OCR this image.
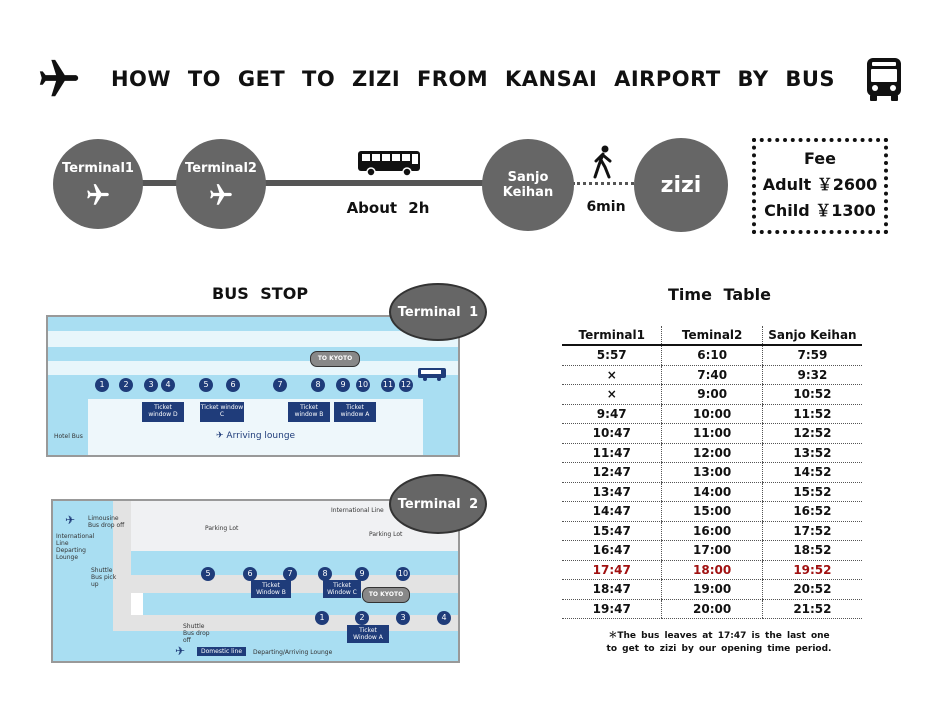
HOW TO GET TO ZIZI FROM KANSAI AIRPORT BY BUS
Terminal1	Terminal2
About 2h
Sanjo
Keihan
6min
zizi
Fee
Adult ￥2600
Child ￥1300
BUS STOP
1	2	3	4	5	6	7	8	9	10 11 12
TO KYOTO
Ticket window D
Ticket window C
Ticket window B
Ticket window A
✈ Arriving lounge
Hotel Bus
Terminal 1
5	6	7	8	9	10
1	2	3	4
Ticket Window B
Ticket Window C
Ticket Window A
TO KYOTO
International Line
Parking Lot
Parking Lot
Limousine Bus drop off
Shuttle Bus pick up
Shuttle Bus drop off
International Line Departing Lounge
Domestic line	Departing/Arriving Lounge
✈
✈
Terminal 2
Time Table
Terminal1	Teminal2	Sanjo Keihan
5:57	6:10	7:59
×	7:40	9:32
×	9:00	10:52
9:47	10:00	11:52
10:47	11:00	12:52
11:47	12:00	13:52
12:47	13:00	14:52
13:47	14:00	15:52
14:47	15:00	16:52
15:47	16:00	17:52
16:47	17:00	18:52
17:47	18:00	19:52
18:47	19:00	20:52
19:47	20:00	21:52
＊The bus leaves at 17:47 is the last one
to get to zizi by our opening time period.
